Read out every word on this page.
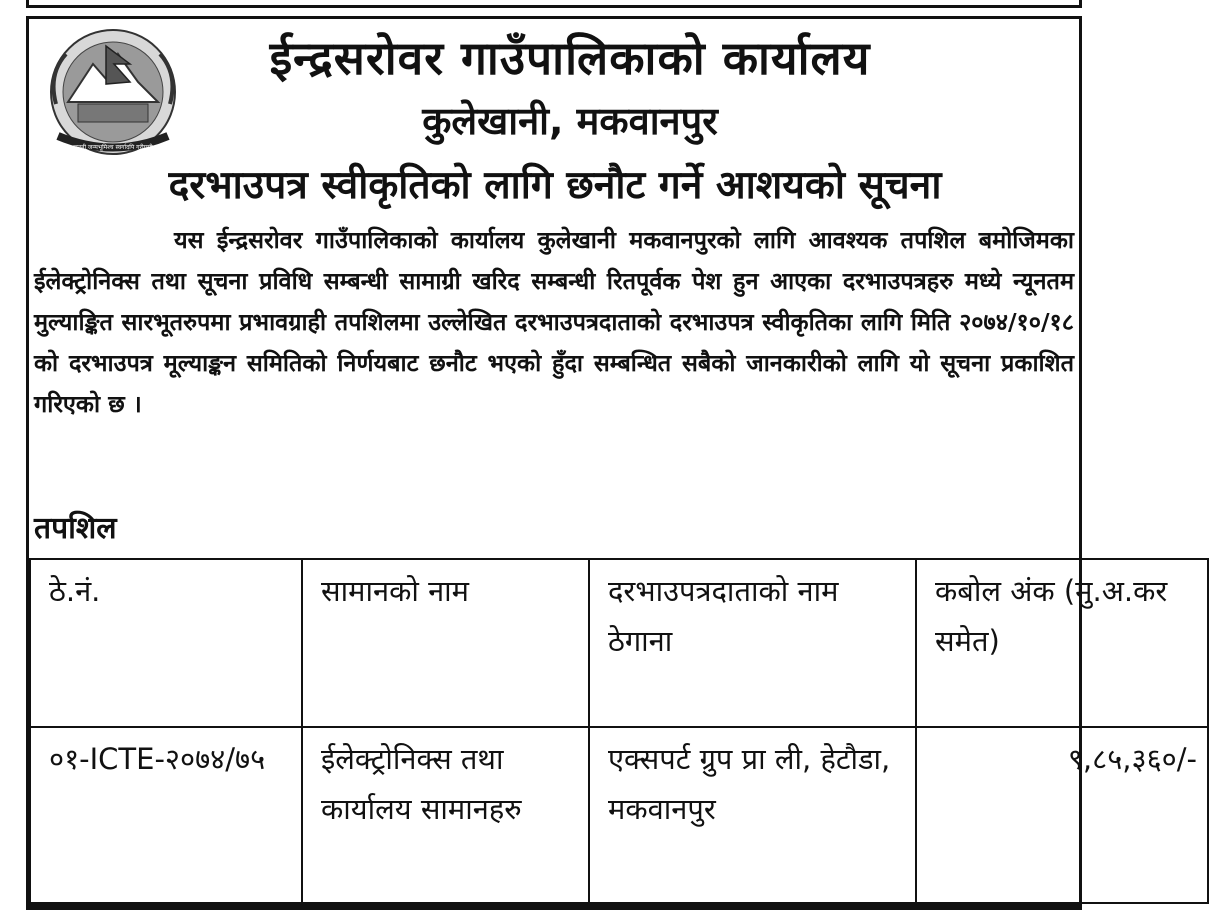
जननी जन्मभूमिश्च स्वर्गादपि गरीयसी
ईन्द्रसरोवर गाउँपालिकाको कार्यालय
कुलेखानी, मकवानपुर
दरभाउपत्र स्वीकृतिको लागि छनौट गर्ने आशयको सूचना
यस ईन्द्रसरोवर गाउँपालिकाको कार्यालय कुलेखानी मकवानपुरको लागि आवश्यक तपशिल बमोजिमका ईलेक्ट्रोनिक्स तथा सूचना प्रविधि सम्बन्धी सामाग्री खरिद सम्बन्धी रितपूर्वक पेश हुन आएका दरभाउपत्रहरु मध्ये न्यूनतम मुल्याङ्कित सारभूतरुपमा प्रभावग्राही तपशिलमा उल्लेखित दरभाउपत्रदाताको दरभाउपत्र स्वीकृतिका लागि मिति २०७४/१०/१८ को दरभाउपत्र मूल्याङ्कन समितिको निर्णयबाट छनौट भएको हुँदा सम्बन्धित सबैको जानकारीको लागि यो सूचना प्रकाशित गरिएको छ ।
तपशिल
ठे.नं.	सामानको नाम	दरभाउपत्रदाताको नाम ठेगाना	कबोल अंक (मु.अ.कर समेत)
०१-ICTE-२०७४/७५	ईलेक्ट्रोनिक्स तथा कार्यालय सामानहरु	एक्सपर्ट ग्रुप प्रा ली, हेटौडा, मकवानपुर	९,८५,३६०/-
